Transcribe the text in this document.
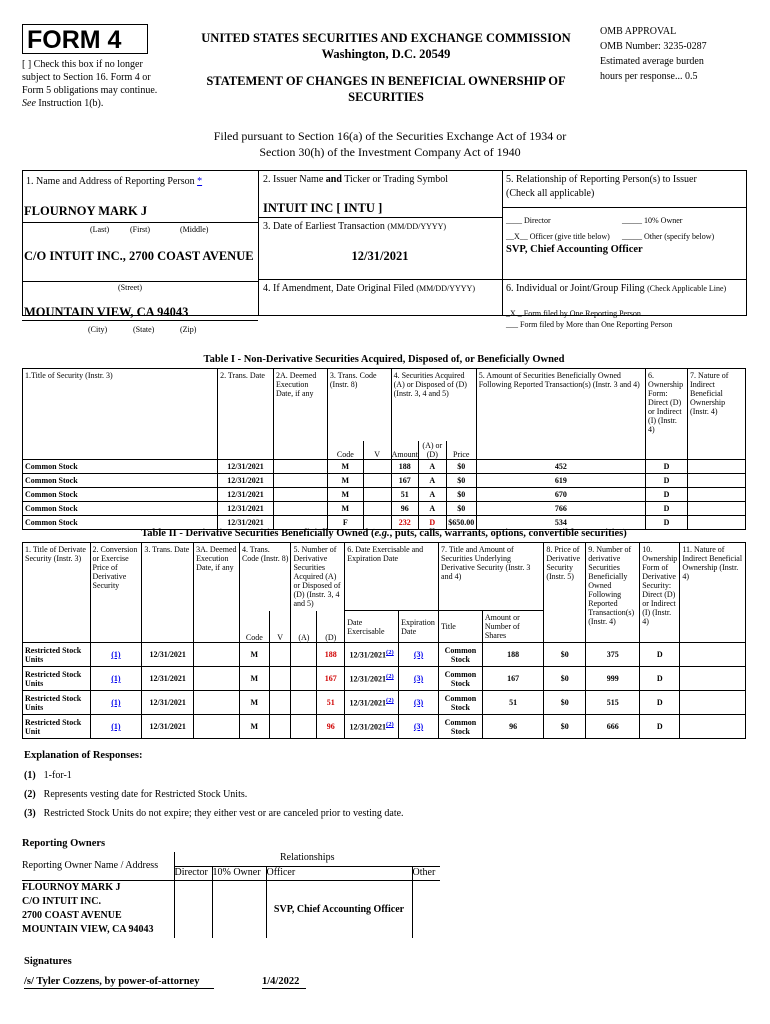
FORM 4
[ ] Check this box if no longer subject to Section 16. Form 4 or Form 5 obligations may continue. See Instruction 1(b).
UNITED STATES SECURITIES AND EXCHANGE COMMISSION
Washington, D.C. 20549
STATEMENT OF CHANGES IN BENEFICIAL OWNERSHIP OF
SECURITIES
OMB APPROVAL
OMB Number: 3235-0287
Estimated average burden
hours per response... 0.5
Filed pursuant to Section 16(a) of the Securities Exchange Act of 1934 or
Section 30(h) of the Investment Company Act of 1940
1. Name and Address of Reporting Person *
FLOURNOY MARK J
(Last)	(First)	(Middle)
C/O INTUIT INC., 2700 COAST AVENUE
(Street)
MOUNTAIN VIEW, CA 94043
(City)	(State)	(Zip)
2. Issuer Name and Ticker or Trading Symbol
INTUIT INC [ INTU ]
3. Date of Earliest Transaction (MM/DD/YYYY)
12/31/2021
4. If Amendment, Date Original Filed (MM/DD/YYYY)
5. Relationship of Reporting Person(s) to Issuer
(Check all applicable)
____ Director	_____ 10% Owner
__X__ Officer (give title below) _____ Other (specify below)
SVP, Chief Accounting Officer
6. Individual or Joint/Group Filing (Check Applicable Line)
_X _ Form filed by One Reporting Person
___ Form filed by More than One Reporting Person
Table I - Non-Derivative Securities Acquired, Disposed of, or Beneficially Owned
1.Title of Security (Instr. 3)	2. Trans. Date	2A. Deemed Execution Date, if any	3. Trans. Code (Instr. 8)		4. Securities Acquired (A) or Disposed of (D) (Instr. 3, 4 and 5)			5. Amount of Securities Beneficially Owned Following Reported Transaction(s) (Instr. 3 and 4)	6. Ownership Form: Direct (D) or Indirect (I) (Instr. 4)	7. Nature of Indirect Beneficial Ownership (Instr. 4)
			Code	V	Amount	(A) or (D)	Price			
Common Stock	12/31/2021		M		188	A	$0	452	D	
Common Stock	12/31/2021		M		167	A	$0	619	D	
Common Stock	12/31/2021		M		51	A	$0	670	D	
Common Stock	12/31/2021		M		96	A	$0	766	D	
Common Stock	12/31/2021		F		232	D	$650.00	534	D	
Table II - Derivative Securities Beneficially Owned (e.g., puts, calls, warrants, options, convertible securities)
1. Title of Derivate Security (Instr. 3)	2. Conversion or Exercise Price of Derivative Security	3. Trans. Date	3A. Deemed Execution Date, if any	4. Trans. Code (Instr. 8)		5. Number of Derivative Securities Acquired (A) or Disposed of (D) (Instr. 3, 4 and 5)		6. Date Exercisable and Expiration Date		7. Title and Amount of Securities Underlying Derivative Security (Instr. 3 and 4)		8. Price of Derivative Security (Instr. 5)	9. Number of derivative Securities Beneficially Owned Following Reported Transaction(s) (Instr. 4)	10. Ownership Form of Derivative Security: Direct (D) or Indirect (I) (Instr. 4)	11. Nature of Indirect Beneficial Ownership (Instr. 4)
				Code	V	(A)	(D)	Date Exercisable	Expiration Date	Title	Amount or Number of Shares				
Restricted Stock Units	(1)	12/31/2021		M			188	12/31/2021$^{(2)}$	(3)	Common Stock	188	$0	375	D	
Restricted Stock Units	(1)	12/31/2021		M			167	12/31/2021$^{(2)}$	(3)	Common Stock	167	$0	999	D	
Restricted Stock Units	(1)	12/31/2021		M			51	12/31/2021$^{(2)}$	(3)	Common Stock	51	$0	515	D	
Restricted Stock Unit	(1)	12/31/2021		M			96	12/31/2021$^{(2)}$	(3)	Common Stock	96	$0	666	D	
Explanation of Responses:
(1) 1-for-1
(2) Represents vesting date for Restricted Stock Units.
(3) Restricted Stock Units do not expire; they either vest or are canceled prior to vesting date.
Reporting Owners
Reporting Owner Name / Address	Relationships			
	Director	10% Owner	Officer	Other

FLOURNOY MARK J
C/O INTUIT INC.
2700 COAST AVENUE
MOUNTAIN VIEW, CA 94043			SVP, Chief Accounting Officer	
Signatures
/s/ Tyler Cozzens, by power-of-attorney	1/4/2022
